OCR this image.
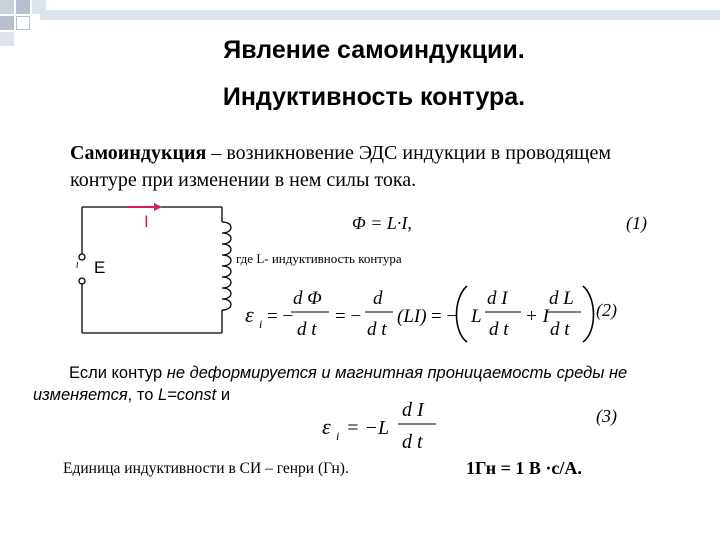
Явление самоиндукции.
Индуктивность контура.
Самоиндукция – возникновение ЭДС индукции в проводящем контуре при изменении в нем силы тока.
I
~ E
Φ = L·I,	(1)
где L- индуктивность контура
ε i = −
d Φ
d t
= −
d
d t
(LI) = − L
d I
d t
+ I
d L
d t
(2)
Если контур не деформируется и магнитная проницаемость среды не изменяется, то L=const и
ε i = −L
d I
d t
(3)
Единица индуктивности в СИ – генри (Гн).	1Гн = 1 В ·с/А.
